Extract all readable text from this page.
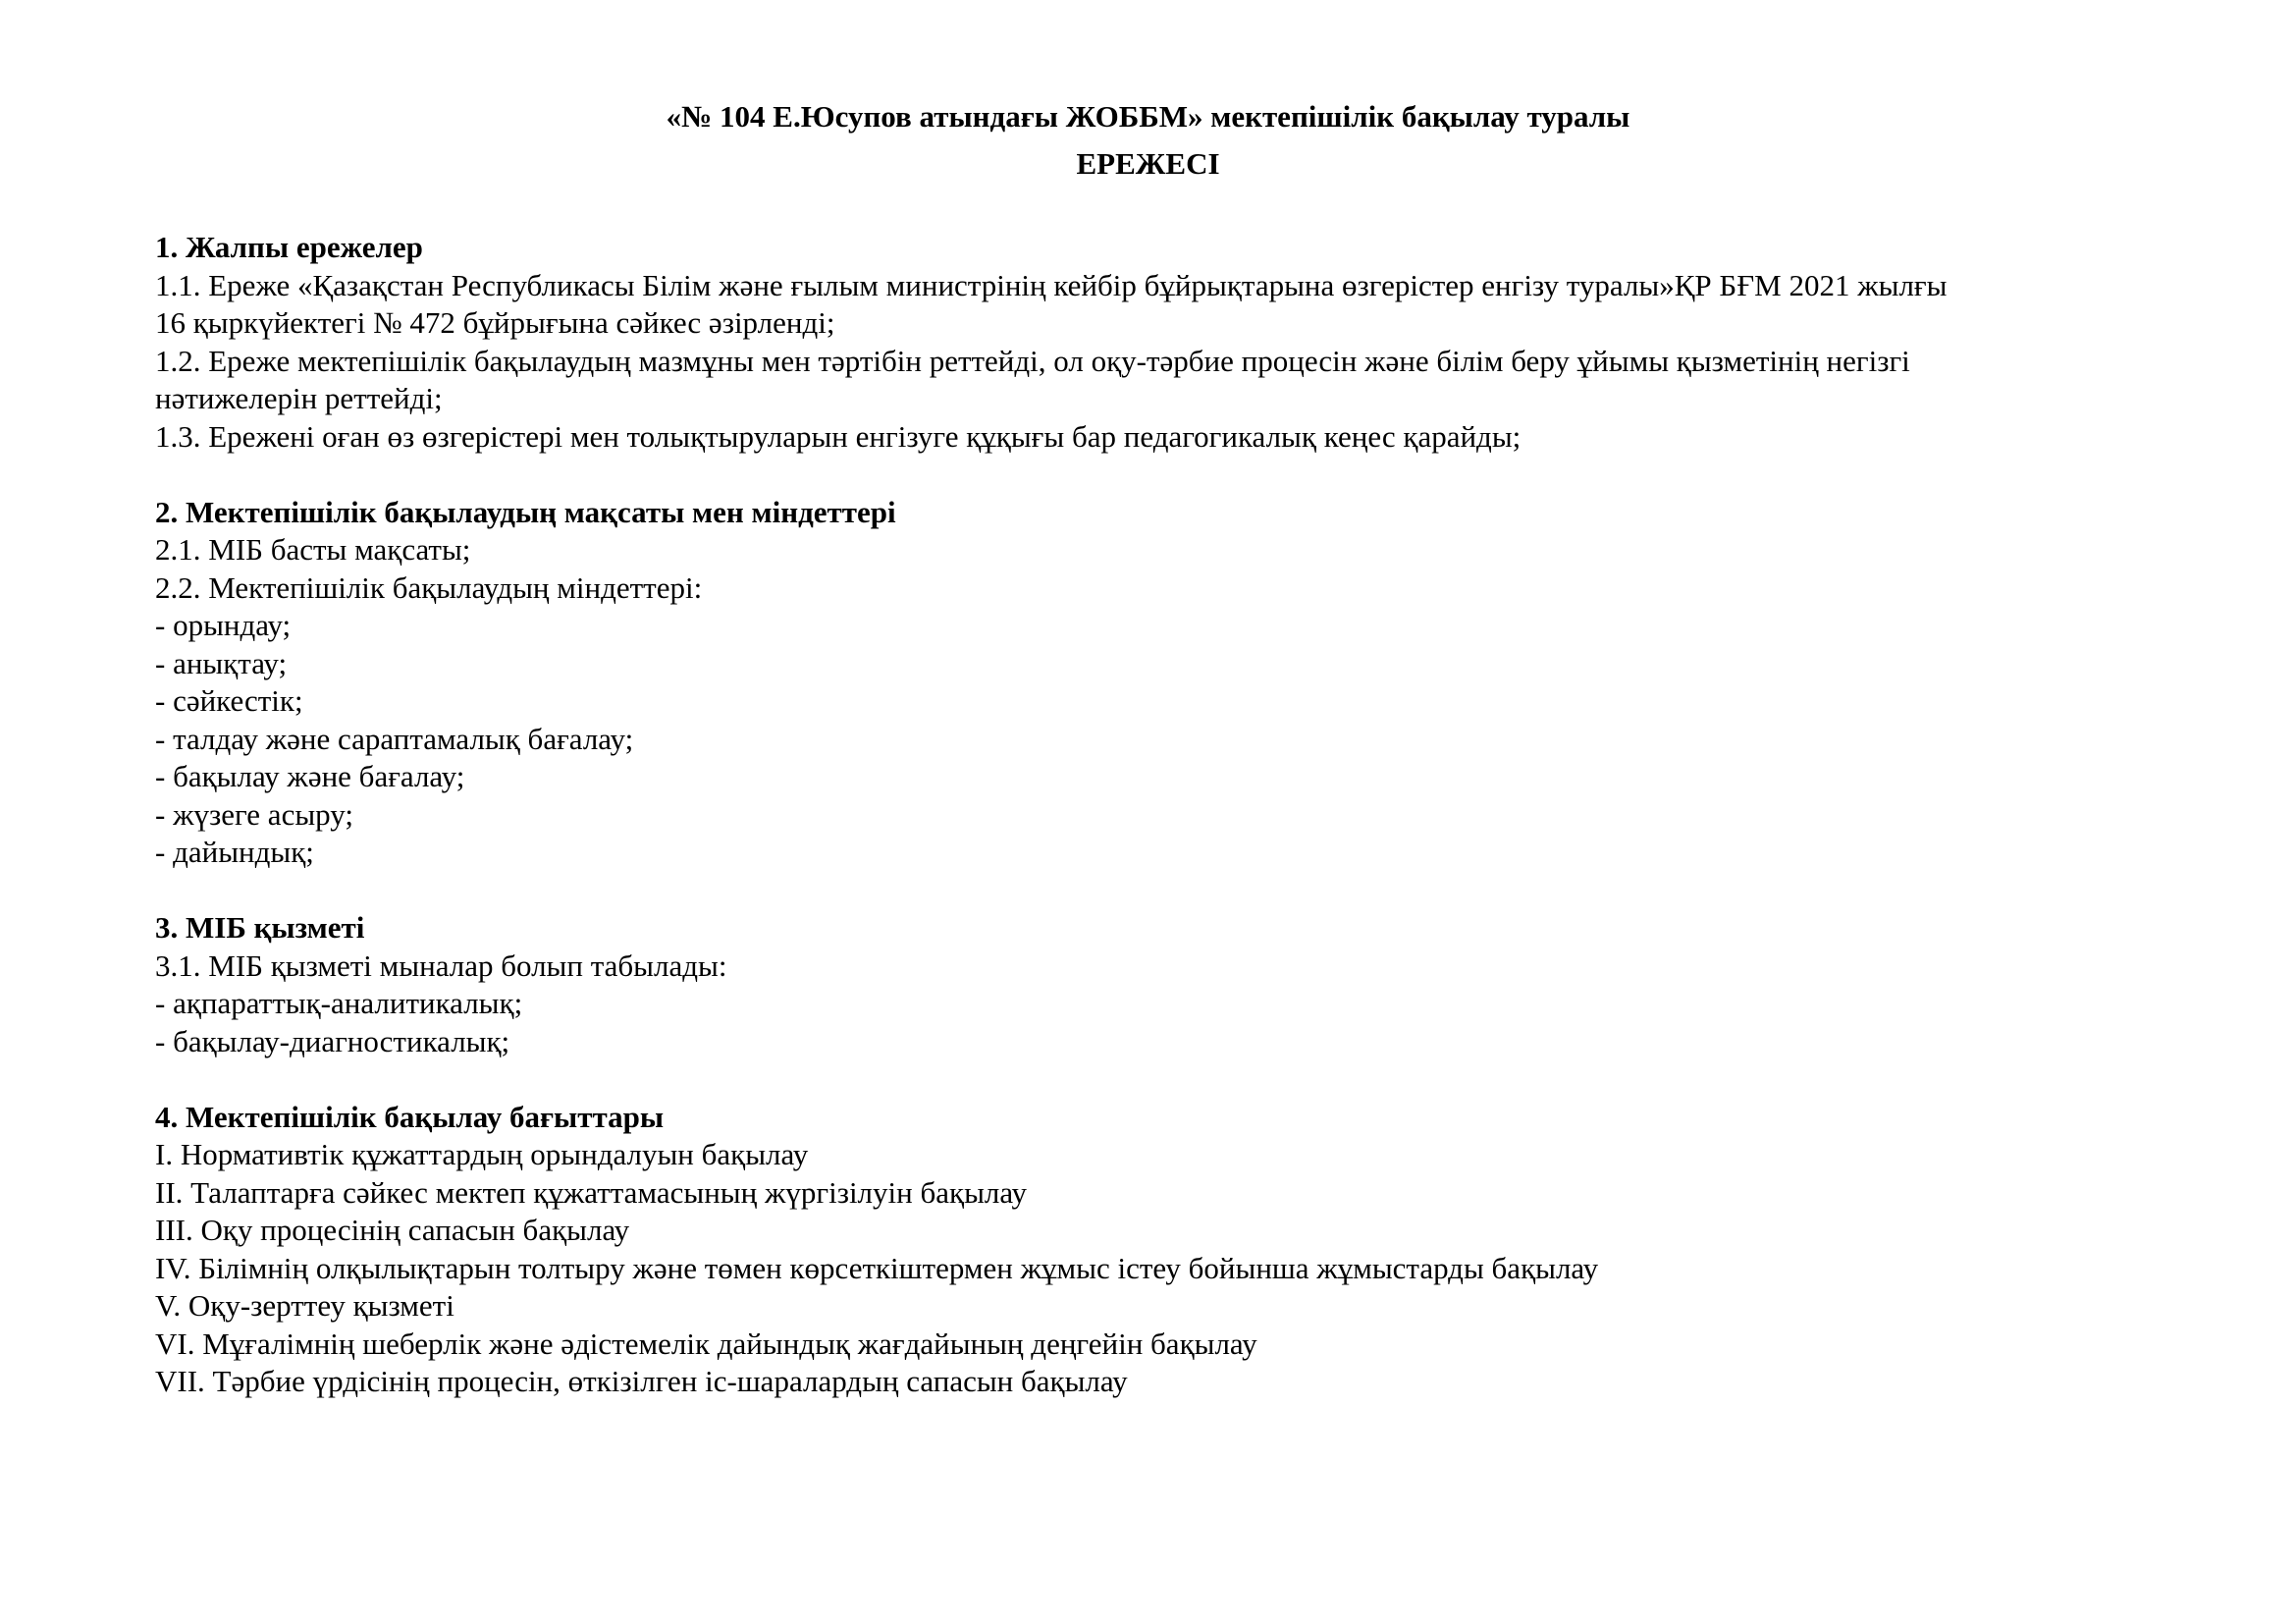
«№ 104 Е.Юсупов атындағы ЖОББМ» мектепішілік бақылау туралы
ЕРЕЖЕСІ
1. Жалпы ережелер
1.1. Ереже «Қазақстан Республикасы Білім және ғылым министрінің кейбір бұйрықтарына өзгерістер енгізу туралы»ҚР БҒМ 2021 жылғы
16 қыркүйектегі № 472 бұйрығына сәйкес әзірленді;
1.2. Ереже мектепішілік бақылаудың мазмұны мен тәртібін реттейді, ол оқу-тәрбие процесін және білім беру ұйымы қызметінің негізгі
нәтижелерін реттейді;
1.3. Ережені оған өз өзгерістері мен толықтыруларын енгізуге құқығы бар педагогикалық кеңес қарайды;
2. Мектепішілік бақылаудың мақсаты мен міндеттері
2.1. МІБ басты мақсаты;
2.2. Мектепішілік бақылаудың міндеттері:
- орындау;
- анықтау;
- сәйкестік;
- талдау және сараптамалық бағалау;
- бақылау және бағалау;
- жүзеге асыру;
- дайындық;
3. МІБ қызметі
3.1. МІБ қызметі мыналар болып табылады:
- ақпараттық-аналитикалық;
- бақылау-диагностикалық;
4. Мектепішілік бақылау бағыттары
I. Нормативтік құжаттардың орындалуын бақылау
II. Талаптарға сәйкес мектеп құжаттамасының жүргізілуін бақылау
III. Оқу процесінің сапасын бақылау
IV. Білімнің олқылықтарын толтыру және төмен көрсеткіштермен жұмыс істеу бойынша жұмыстарды бақылау
V. Оқу-зерттеу қызметі
VI. Мұғалімнің шеберлік және әдістемелік дайындық жағдайының деңгейін бақылау
VII. Тәрбие үрдісінің процесін, өткізілген іс-шаралардың сапасын бақылау
